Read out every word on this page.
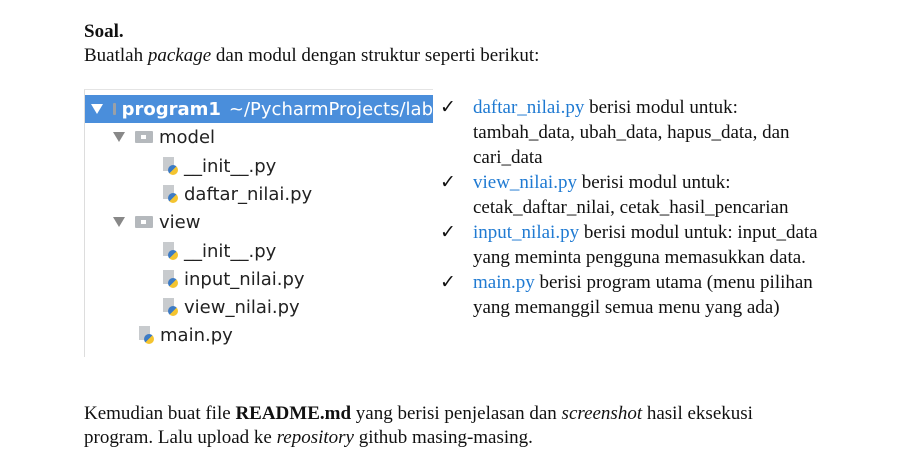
Soal.
Buatlah package dan modul dengan struktur seperti berikut:
program1 ~/PycharmProjects/lab
model
__init__.py
daftar_nilai.py
view
__init__.py
input_nilai.py
view_nilai.py
main.py
✓ daftar_nilai.py berisi modul untuk: tambah_data, ubah_data, hapus_data, dan cari_data
✓ view_nilai.py berisi modul untuk: cetak_daftar_nilai, cetak_hasil_pencarian
✓ input_nilai.py berisi modul untuk: input_data yang meminta pengguna memasukkan data.
✓ main.py berisi program utama (menu pilihan yang memanggil semua menu yang ada)
Kemudian buat file README.md yang berisi penjelasan dan screenshot hasil eksekusi
program. Lalu upload ke repository github masing-masing.
